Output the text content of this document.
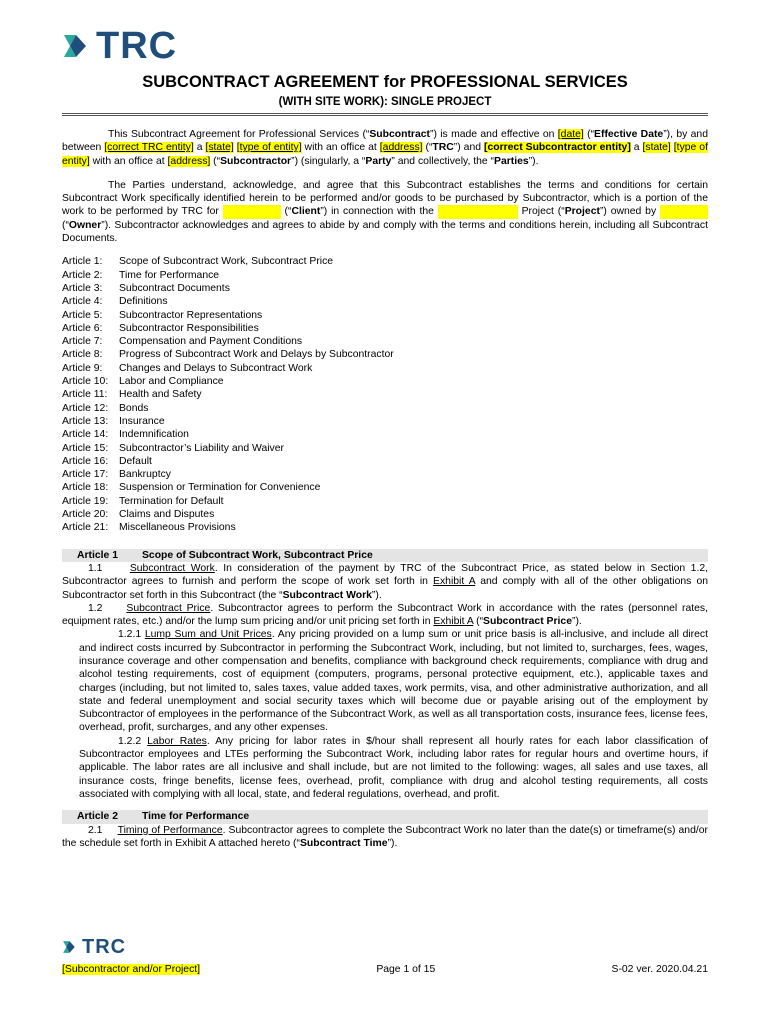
TRC
SUBCONTRACT AGREEMENT for PROFESSIONAL SERVICES
(WITH SITE WORK): SINGLE PROJECT

This Subcontract Agreement for Professional Services (“Subcontract”) is made and effective on [date] (“Effective Date”), by and between [correct TRC entity] a [state] [type of entity] with an office at [address] (“TRC”) and [correct Subcontractor entity] a [state] [type of entity] with an office at [address] (“Subcontractor”) (singularly, a “Party” and collectively, the “Parties”).

The Parties understand, acknowledge, and agree that this Subcontract establishes the terms and conditions for certain Subcontract Work specifically identified herein to be performed and/or goods to be purchased by Subcontractor, which is a portion of the work to be performed by TRC for	(“Client”) in connection with the	Project (“Project”) owned by   (“Owner”). Subcontractor acknowledges and agrees to abide by and comply with the terms and conditions herein, including all Subcontract Documents.

Article 1:	Scope of Subcontract Work, Subcontract Price
Article 2:	Time for Performance
Article 3:	Subcontract Documents
Article 4:	Definitions
Article 5:	Subcontractor Representations
Article 6:	Subcontractor Responsibilities
Article 7:	Compensation and Payment Conditions
Article 8:	Progress of Subcontract Work and Delays by Subcontractor
Article 9:	Changes and Delays to Subcontract Work
Article 10:	Labor and Compliance
Article 11:	Health and Safety
Article 12:	Bonds
Article 13:	Insurance
Article 14:	Indemnification
Article 15:	Subcontractor’s Liability and Waiver
Article 16:	Default
Article 17:	Bankruptcy
Article 18:	Suspension or Termination for Convenience
Article 19:	Termination for Default
Article 20:	Claims and Disputes
Article 21:	Miscellaneous Provisions
Article 1 Scope of Subcontract Work, Subcontract Price

1.1	Subcontract Work. In consideration of the payment by TRC of the Subcontract Price, as stated below in Section 1.2, Subcontractor agrees to furnish and perform the scope of work set forth in Exhibit A and comply with all of the other obligations on Subcontractor set forth in this Subcontract (the “Subcontract Work”).

1.2 Subcontract Price. Subcontractor agrees to perform the Subcontract Work in accordance with the rates (personnel rates, equipment rates, etc.) and/or the lump sum pricing and/or unit pricing set forth in Exhibit A (“Subcontract Price”).

1.2.1 Lump Sum and Unit Prices. Any pricing provided on a lump sum or unit price basis is all-inclusive, and include all direct and indirect costs incurred by Subcontractor in performing the Subcontract Work, including, but not limited to, surcharges, fees, wages, insurance coverage and other compensation and benefits, compliance with background check requirements, compliance with drug and alcohol testing requirements, cost of equipment (computers, programs, personal protective equipment, etc.), applicable taxes and charges (including, but not limited to, sales taxes, value added taxes, work permits, visa, and other administrative authorization, and all state and federal unemployment and social security taxes which will become due or payable arising out of the employment by Subcontractor of employees in the performance of the Subcontract Work, as well as all transportation costs, insurance fees, license fees, overhead, profit, surcharges, and any other expenses.

1.2.2 Labor Rates. Any pricing for labor rates in $/hour shall represent all hourly rates for each labor classification of Subcontractor employees and LTEs performing the Subcontract Work, including labor rates for regular hours and overtime hours, if applicable. The labor rates are all inclusive and shall include, but are not limited to the following: wages, all sales and use taxes, all insurance costs, fringe benefits, license fees, overhead, profit, compliance with drug and alcohol testing requirements, all costs associated with complying with all local, state, and federal regulations, overhead, and profit.

Article 2 Time for Performance

2.1 Timing of Performance. Subcontractor agrees to complete the Subcontract Work no later than the date(s) or timeframe(s) and/or the schedule set forth in Exhibit A attached hereto (“Subcontract Time”).

TRC
[Subcontractor and/or Project]	Page 1 of 15	S-02 ver. 2020.04.21
